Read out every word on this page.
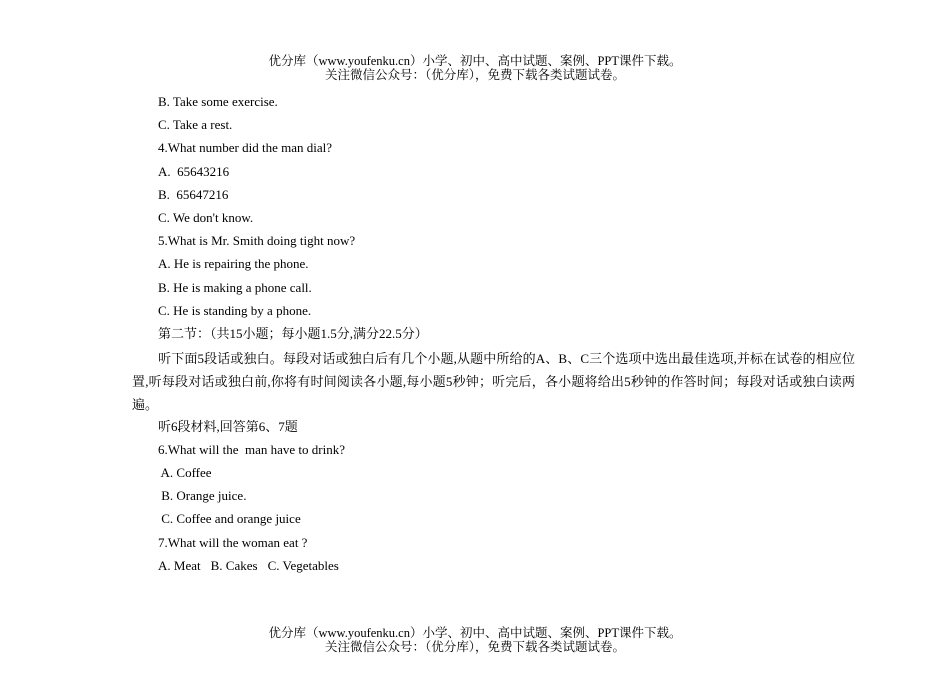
优分库（www.youfenku.cn）小学、初中、高中试题、案例、PPT课件下载。
关注微信公众号：（优分库），免费下载各类试题试卷。
B. Take some exercise.
C. Take a rest.
4.What number did the man dial?
A.  65643216
B.  65647216
C. We don't know.
5.What is Mr. Smith doing tight now?
A. He is repairing the phone.
B. He is making a phone call.
C. He is standing by a phone.
第二节：（共15小题；每小题1.5分,满分22.5分）
听下面5段话或独白。每段对话或独白后有几个小题,从题中所给的A、B、C三个选项中选出最佳选项,并标在试卷的相应位置,听每段对话或独白前,你将有时间阅读各小题,每小题5秒钟；听完后，各小题将给出5秒钟的作答时间；每段对话或独白读两遍。
听6段材料,回答第6、7题
6.What will the  man have to drink?
A. Coffee
B. Orange juice.
C. Coffee and orange juice
7.What will the woman eat ?
A. Meat B. Cakes C. Vegetables
优分库（www.youfenku.cn）小学、初中、高中试题、案例、PPT课件下载。
关注微信公众号：（优分库），免费下载各类试题试卷。
